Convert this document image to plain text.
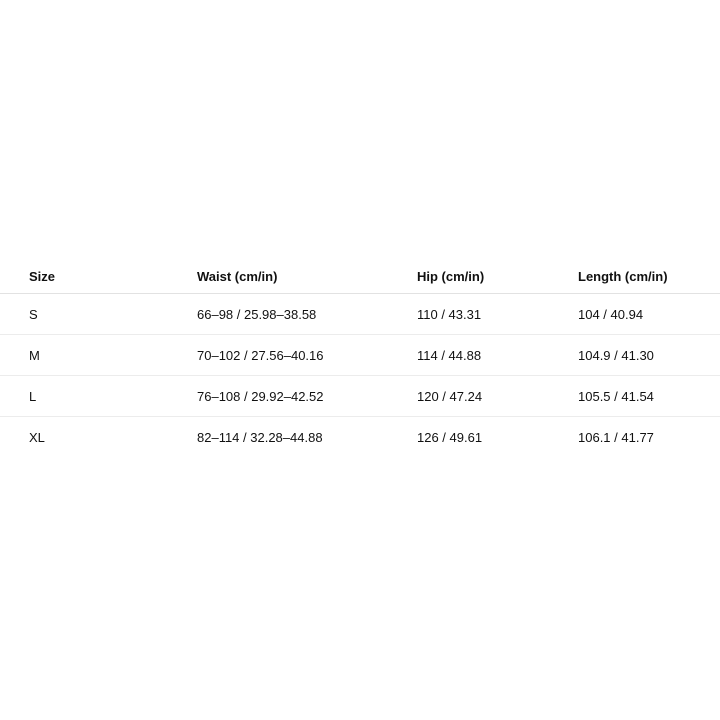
Size	Waist (cm/in)	Hip (cm/in)	Length (cm/in)
S	66–98 / 25.98–38.58	110 / 43.31	104 / 40.94
M	70–102 / 27.56–40.16	114 / 44.88	104.9 / 41.30
L	76–108 / 29.92–42.52	120 / 47.24	105.5 / 41.54
XL	82–114 / 32.28–44.88	126 / 49.61	106.1 / 41.77
